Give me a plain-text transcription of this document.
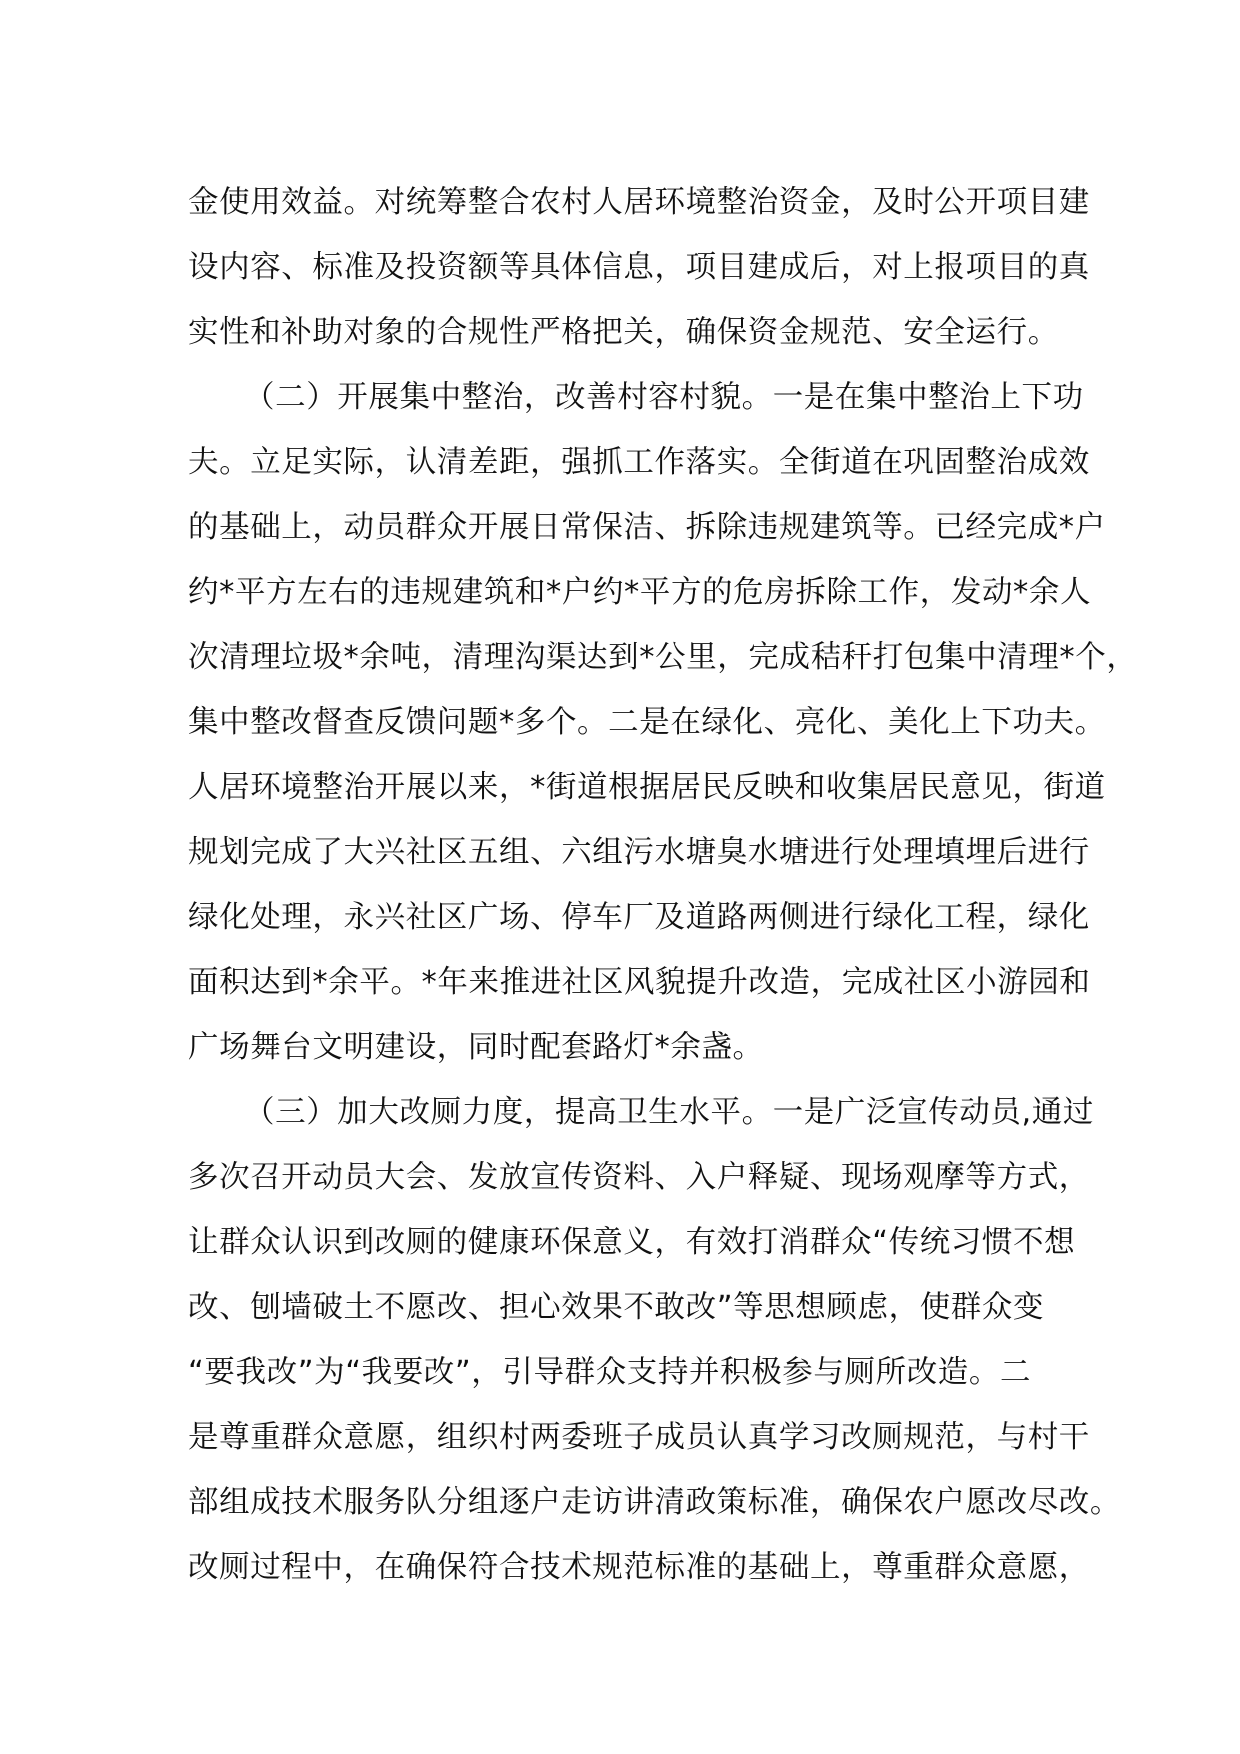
金使用效益。对统筹整合农村人居环境整治资金，及时公开项目建
设内容、标准及投资额等具体信息，项目建成后，对上报项目的真
实性和补助对象的合规性严格把关，确保资金规范、安全运行。
（二）开展集中整治，改善村容村貌。一是在集中整治上下功
夫。立足实际，认清差距，强抓工作落实。全街道在巩固整治成效
的基础上，动员群众开展日常保洁、拆除违规建筑等。已经完成*户
约*平方左右的违规建筑和*户约*平方的危房拆除工作，发动*余人
次清理垃圾*余吨，清理沟渠达到*公里，完成秸秆打包集中清理*个，
集中整改督查反馈问题*多个。二是在绿化、亮化、美化上下功夫。
人居环境整治开展以来，*街道根据居民反映和收集居民意见，街道
规划完成了大兴社区五组、六组污水塘臭水塘进行处理填埋后进行
绿化处理，永兴社区广场、停车厂及道路两侧进行绿化工程，绿化
面积达到*余平。*年来推进社区风貌提升改造，完成社区小游园和
广场舞台文明建设，同时配套路灯*余盏。
（三）加大改厕力度，提高卫生水平。一是广泛宣传动员,通过
多次召开动员大会、发放宣传资料、入户释疑、现场观摩等方式，
让群众认识到改厕的健康环保意义，有效打消群众“传统习惯不想
改、刨墙破土不愿改、担心效果不敢改”等思想顾虑，使群众变
“要我改”为“我要改”，引导群众支持并积极参与厕所改造。二
是尊重群众意愿，组织村两委班子成员认真学习改厕规范，与村干
部组成技术服务队分组逐户走访讲清政策标准，确保农户愿改尽改。
改厕过程中，在确保符合技术规范标准的基础上，尊重群众意愿，
